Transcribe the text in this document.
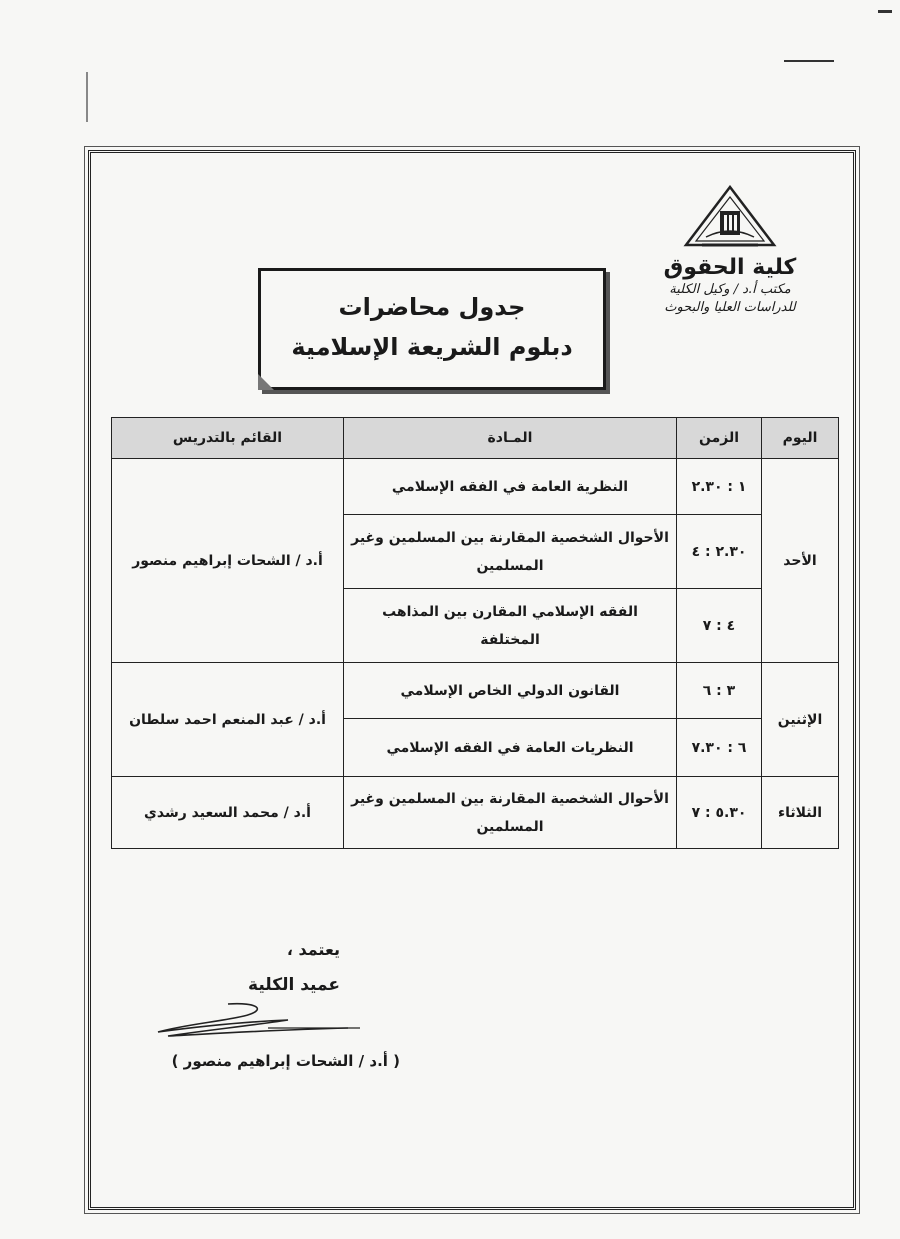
كلية الحقوق
مكتب أ.د / وكيل الكلية
للدراسات العليا والبحوث
جدول محاضرات
دبلوم الشريعة الإسلامية
اليوم	الزمن	المـادة	القائم بالتدريس
الأحد	١ : ٢.٣٠	النظرية العامة في الفقه الإسلامي	أ.د / الشحات إبراهيم منصور
	٢.٣٠ : ٤	الأحوال الشخصية المقارنة بين المسلمين وغير المسلمين	
	٤ : ٧	الفقه الإسلامي المقارن بين المذاهب المختلفة	
الإثنين	٣ : ٦	القانون الدولي الخاص الإسلامي	أ.د / عبد المنعم احمد سلطان
	٦ : ٧.٣٠	النظريات العامة في الفقه الإسلامي	
الثلاثاء	٥.٣٠ : ٧	الأحوال الشخصية المقارنة بين المسلمين وغير المسلمين	أ.د / محمد السعيد رشدي
يعتمد ،
عميد الكلية
( أ.د / الشحات إبراهيم منصور )
